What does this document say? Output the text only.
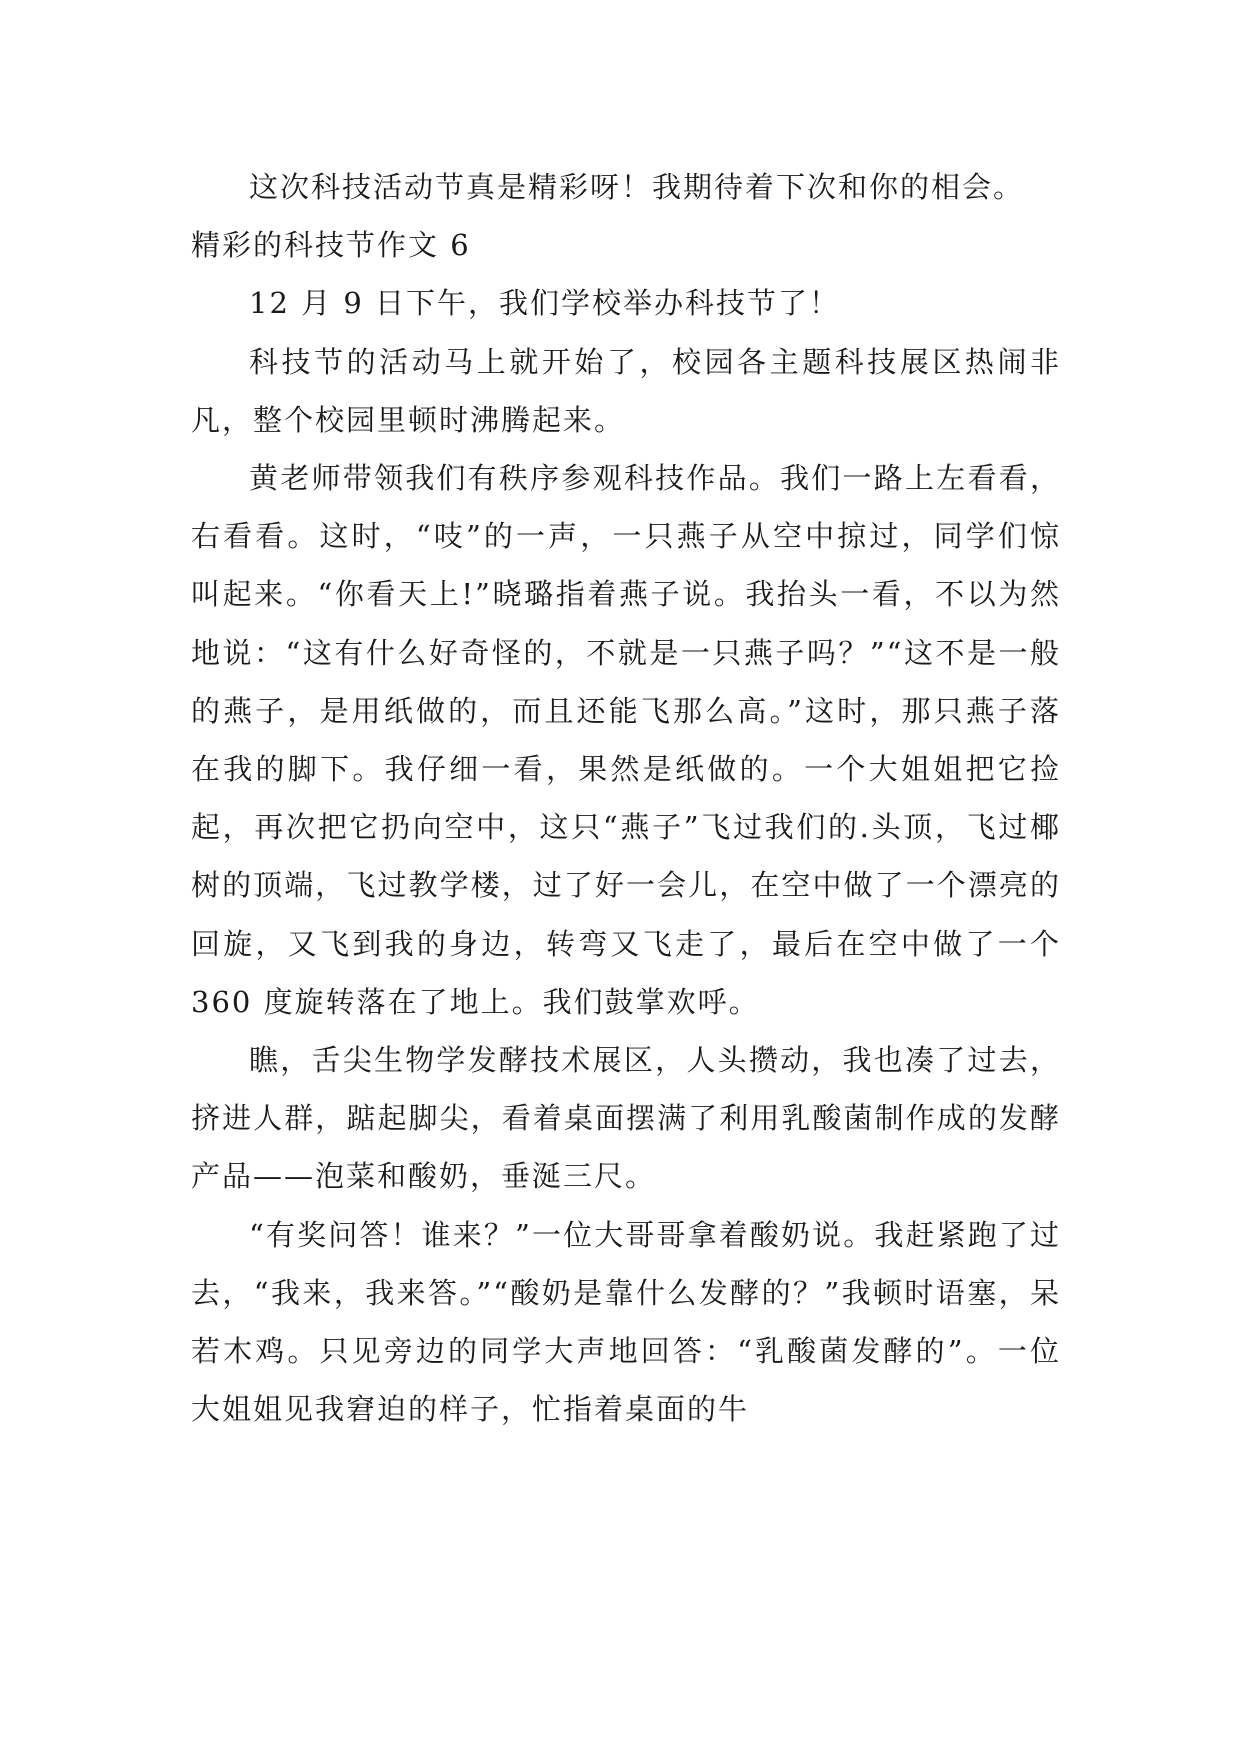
这次科技活动节真是精彩呀！我期待着下次和你的相会。

精彩的科技节作文 6

12 月 9 日下午，我们学校举办科技节了！

科技节的活动马上就开始了，校园各主题科技展区热闹非凡，整个校园里顿时沸腾起来。

黄老师带领我们有秩序参观科技作品。我们一路上左看看，右看看。这时，“吱”的一声，一只燕子从空中掠过，同学们惊叫起来。“你看天上!”晓璐指着燕子说。我抬头一看，不以为然地说：“这有什么好奇怪的，不就是一只燕子吗？”“这不是一般的燕子，是用纸做的，而且还能飞那么高。”这时，那只燕子落在我的脚下。我仔细一看，果然是纸做的。一个大姐姐把它捡起，再次把它扔向空中，这只“燕子”飞过我们的.头顶，飞过椰树的顶端，飞过教学楼，过了好一会儿，在空中做了一个漂亮的回旋，又飞到我的身边，转弯又飞走了，最后在空中做了一个 360 度旋转落在了地上。我们鼓掌欢呼。

瞧，舌尖生物学发酵技术展区，人头攒动，我也凑了过去，挤进人群，踮起脚尖，看着桌面摆满了利用乳酸菌制作成的发酵产品——泡菜和酸奶，垂涎三尺。

“有奖问答！谁来？”一位大哥哥拿着酸奶说。我赶紧跑了过去，“我来，我来答。”“酸奶是靠什么发酵的？”我顿时语塞，呆若木鸡。只见旁边的同学大声地回答：“乳酸菌发酵的”。一位大姐姐见我窘迫的样子，忙指着桌面的牛
